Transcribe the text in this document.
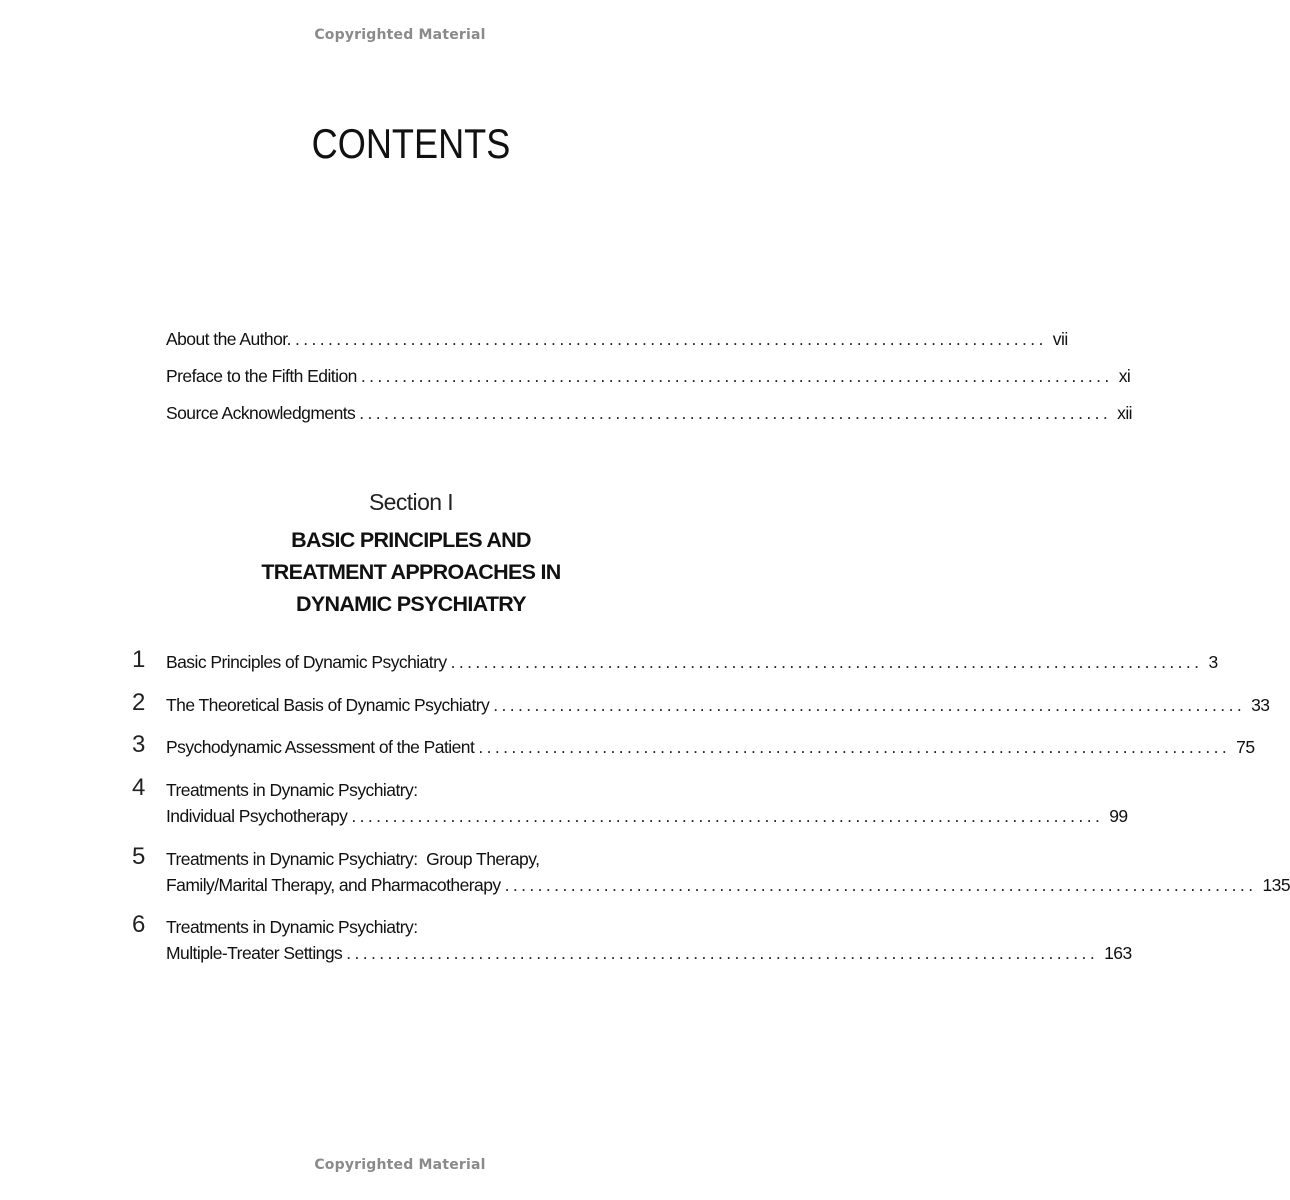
Copyrighted Material
CONTENTS
About the Author. ........................................................................................... vii
Preface to the Fifth Edition ........................................................................................... xi
Source Acknowledgments ........................................................................................... xii
Section I
BASIC PRINCIPLES AND
TREATMENT APPROACHES IN
DYNAMIC PSYCHIATRY
1	Basic Principles of Dynamic Psychiatry ........................................................................................... 3
2	The Theoretical Basis of Dynamic Psychiatry ........................................................................................... 33
3	Psychodynamic Assessment of the Patient ........................................................................................... 75
4	Treatments in Dynamic Psychiatry:
Individual Psychotherapy ........................................................................................... 99
5	Treatments in Dynamic Psychiatry:  Group Therapy,
Family/Marital Therapy, and Pharmacotherapy ........................................................................................... 135
6	Treatments in Dynamic Psychiatry:
Multiple-Treater Settings ........................................................................................... 163
Copyrighted Material
